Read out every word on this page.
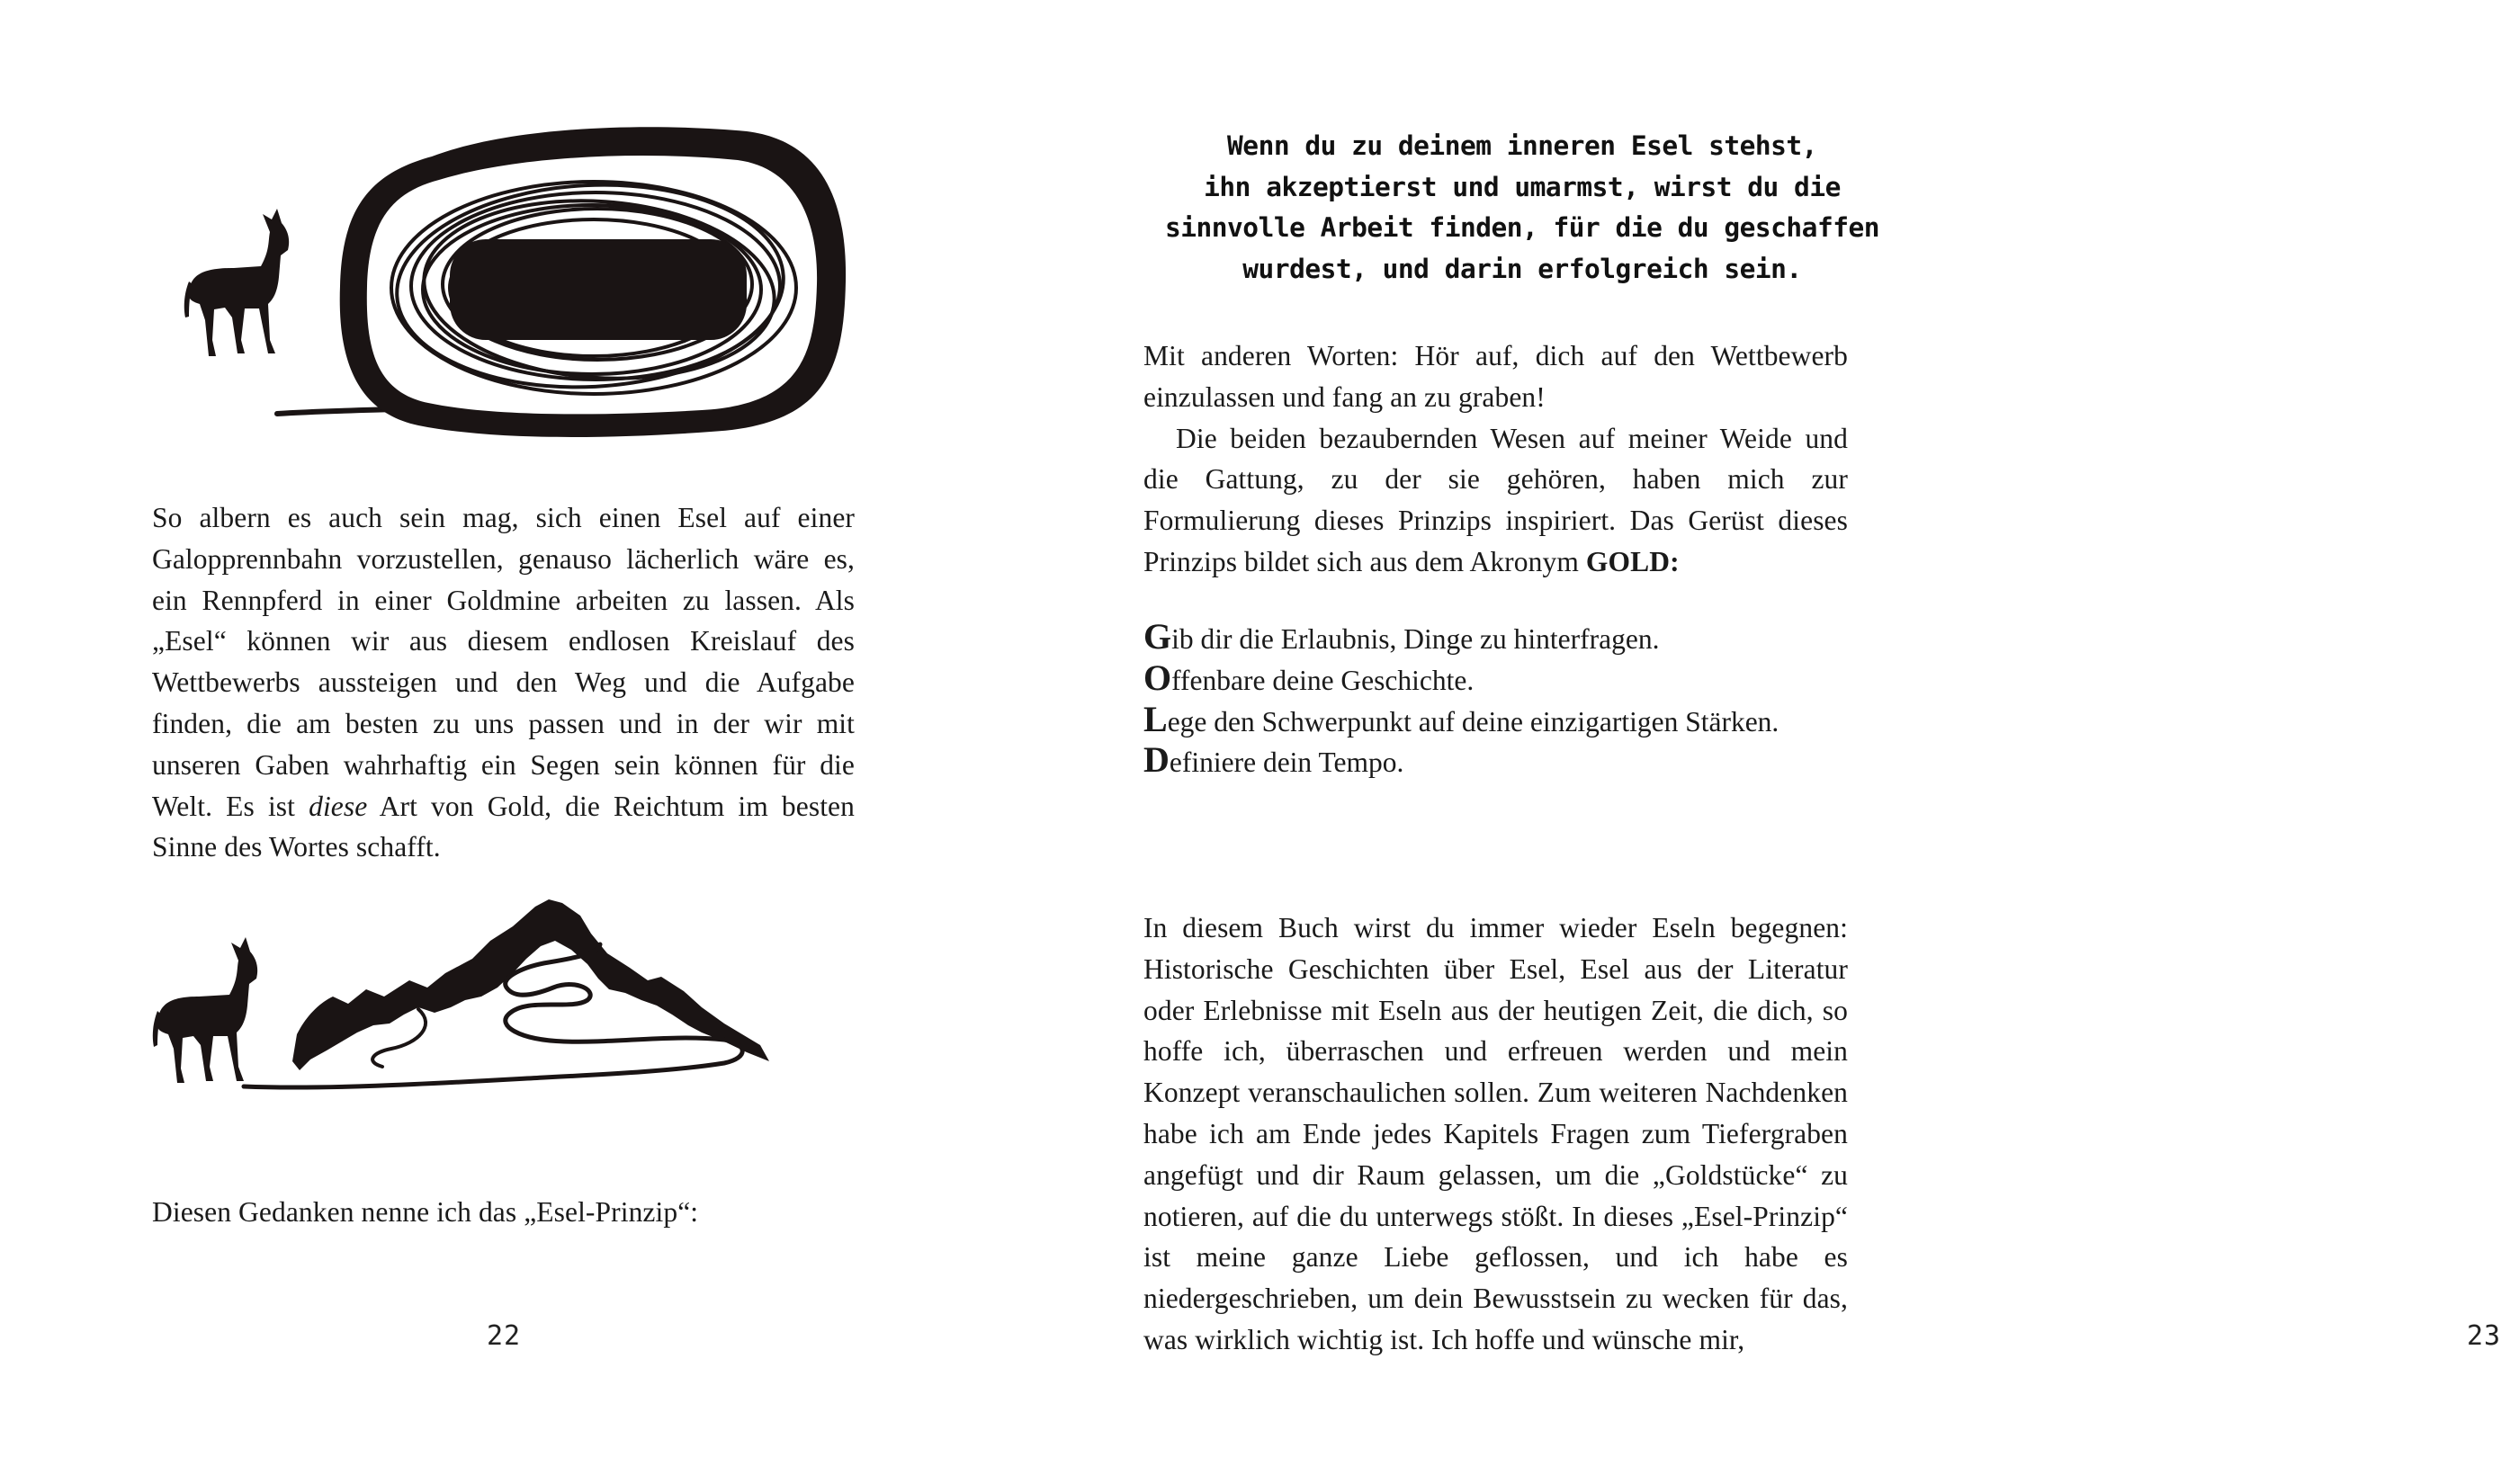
So albern es auch sein mag, sich einen Esel auf einer Galopprennbahn vorzustellen, genauso lächerlich wäre es, ein Rennpferd in einer Goldmine arbeiten zu lassen. Als „Esel“ können wir aus diesem endlosen Kreislauf des Wettbewerbs aussteigen und den Weg und die Aufgabe finden, die am besten zu uns passen und in der wir mit unseren Gaben wahrhaftig ein Segen sein können für die Welt. Es ist diese Art von Gold, die Reichtum im besten Sinne des Wortes schafft.

Diesen Gedanken nenne ich das „Esel-Prinzip“:

22
Wenn du zu deinem inneren Esel stehst,
ihn akzeptierst und umarmst, wirst du die
sinnvolle Arbeit finden, für die du geschaffen
wurdest, und darin erfolgreich sein.

Mit anderen Worten: Hör auf, dich auf den Wettbewerb einzulassen und fang an zu graben!
Die beiden bezaubernden Wesen auf meiner Weide und die Gattung, zu der sie gehören, haben mich zur Formulierung dieses Prinzips inspiriert. Das Gerüst dieses Prinzips bildet sich aus dem Akronym GOLD:

Gib dir die Erlaubnis, Dinge zu hinterfragen.
Offenbare deine Geschichte.
Lege den Schwerpunkt auf deine einzigartigen Stärken.
Definiere dein Tempo.

In diesem Buch wirst du immer wieder Eseln begegnen: Historische Geschichten über Esel, Esel aus der Literatur oder Erlebnisse mit Eseln aus der heutigen Zeit, die dich, so hoffe ich, überraschen und erfreuen werden und mein Konzept veranschaulichen sollen. Zum weiteren Nachdenken habe ich am Ende jedes Kapitels Fragen zum Tiefergraben angefügt und dir Raum gelassen, um die „Goldstücke“ zu notieren, auf die du unterwegs stößt. In dieses „Esel-Prinzip“ ist meine ganze Liebe geflossen, und ich habe es niedergeschrieben, um dein Bewusstsein zu wecken für das, was wirklich wichtig ist. Ich hoffe und wünsche mir,	23
